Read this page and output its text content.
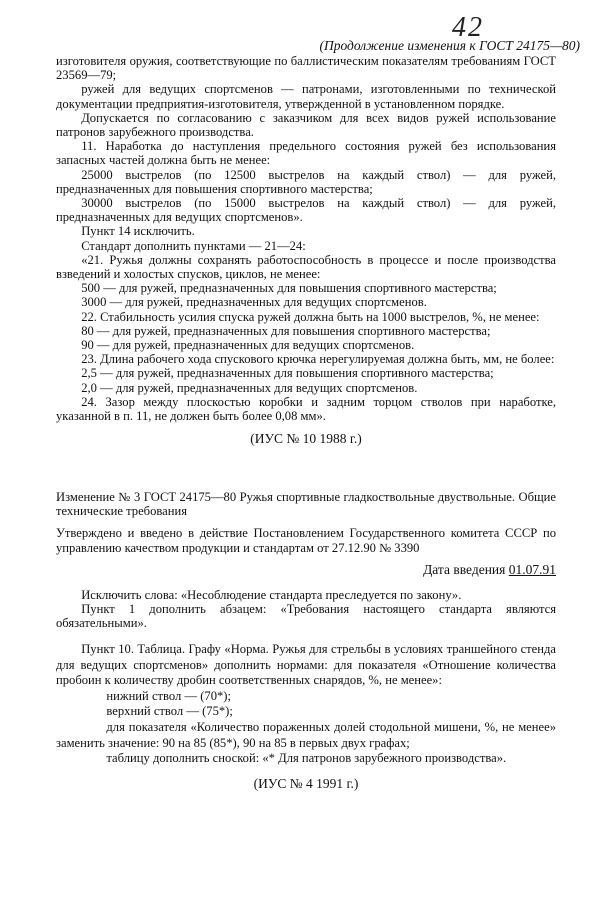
42
(Продолжение изменения к ГОСТ 24175—80)

изготовителя оружия, соответствующие по баллистическим показателям требованиям ГОСТ 23569—79;

ружей для ведущих спортсменов — патронами, изготовленными по технической документации предприятия-изготовителя, утвержденной в установленном порядке.

Допускается по согласованию с заказчиком для всех видов ружей использование патронов зарубежного производства.

11. Наработка до наступления предельного состояния ружей без использования запасных частей должна быть не менее:

25000 выстрелов (по 12500 выстрелов на каждый ствол) — для ружей, предназначенных для повышения спортивного мастерства;

30000 выстрелов (по 15000 выстрелов на каждый ствол) — для ружей, предназначенных для ведущих спортсменов».

Пункт 14 исключить.

Стандарт дополнить пунктами — 21—24:

«21. Ружья должны сохранять работоспособность в процессе и после производства взведений и холостых спусков, циклов, не менее:

500 — для ружей, предназначенных для повышения спортивного мастерства;

3000 — для ружей, предназначенных для ведущих спортсменов.

22. Стабильность усилия спуска ружей должна быть на 1000 выстрелов, %, не менее:

80 — для ружей, предназначенных для повышения спортивного мастерства;

90 — для ружей, предназначенных для ведущих спортсменов.

23. Длина рабочего хода спускового крючка нерегулируемая должна быть, мм, не более:

2,5 — для ружей, предназначенных для повышения спортивного мастерства;

2,0 — для ружей, предназначенных для ведущих спортсменов.

24. Зазор между плоскостью коробки и задним торцом стволов при наработке, указанной в п. 11, не должен быть более 0,08 мм».

(ИУС № 10 1988 г.)

Изменение № 3 ГОСТ 24175—80 Ружья спортивные гладкоствольные двуствольные. Общие технические требования

Утверждено и введено в действие Постановлением Государственного комитета СССР по управлению качеством продукции и стандартам от 27.12.90 № 3390

Дата введения 01.07.91

Исключить слова: «Несоблюдение стандарта преследуется по закону».

Пункт 1 дополнить абзацем: «Требования настоящего стандарта являются обязательными».

Пункт 10. Таблица. Графу «Норма. Ружья для стрельбы в условиях траншейного стенда для ведущих спортсменов» дополнить нормами: для показателя «Отношение количества пробоин к количеству дробин соответственных снарядов, %, не менее»:

нижний ствол — (70*);

верхний ствол — (75*);

для показателя «Количество пораженных долей стодольной мишени, %, не менее» заменить значение: 90 на 85 (85*), 90 на 85 в первых двух графах;

таблицу дополнить сноской: «* Для патронов зарубежного производства».

(ИУС № 4 1991 г.)
